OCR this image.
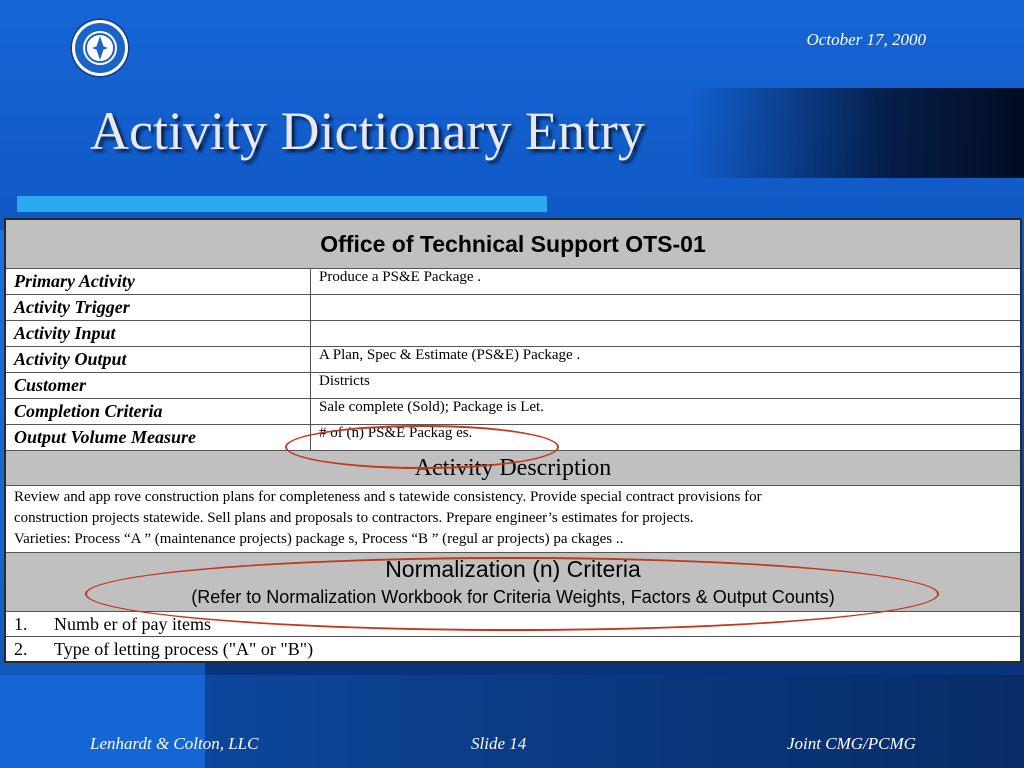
October 17, 2000
Activity Dictionary Entry
Office of Technical Support OTS-01	
Primary Activity	Produce a PS&E Package .
Activity Trigger	
Activity Input	
Activity Output	A Plan, Spec & Estimate (PS&E) Package .
Customer	Districts
Completion Criteria	Sale complete (Sold); Package is Let.
Output Volume Measure	# of (n) PS&E Packag es.
Activity Description	

Review and app rove construction plans for completeness and s tatewide consistency. Provide special contract provisions for
construction projects statewide. Sell plans and proposals to contractors. Prepare engineer’s estimates for projects.
Varieties: Process “A ” (maintenance projects) package s, Process “B ” (regul ar projects) pa ckages ..	

Normalization (n) Criteria
(Refer to Normalization Workbook for Criteria Weights, Factors & Output Counts)	

1. Numb er of pay items	
2. Type of letting process ("A" or "B")	
Lenhardt & Colton, LLC	Slide 14	Joint CMG/PCMG
